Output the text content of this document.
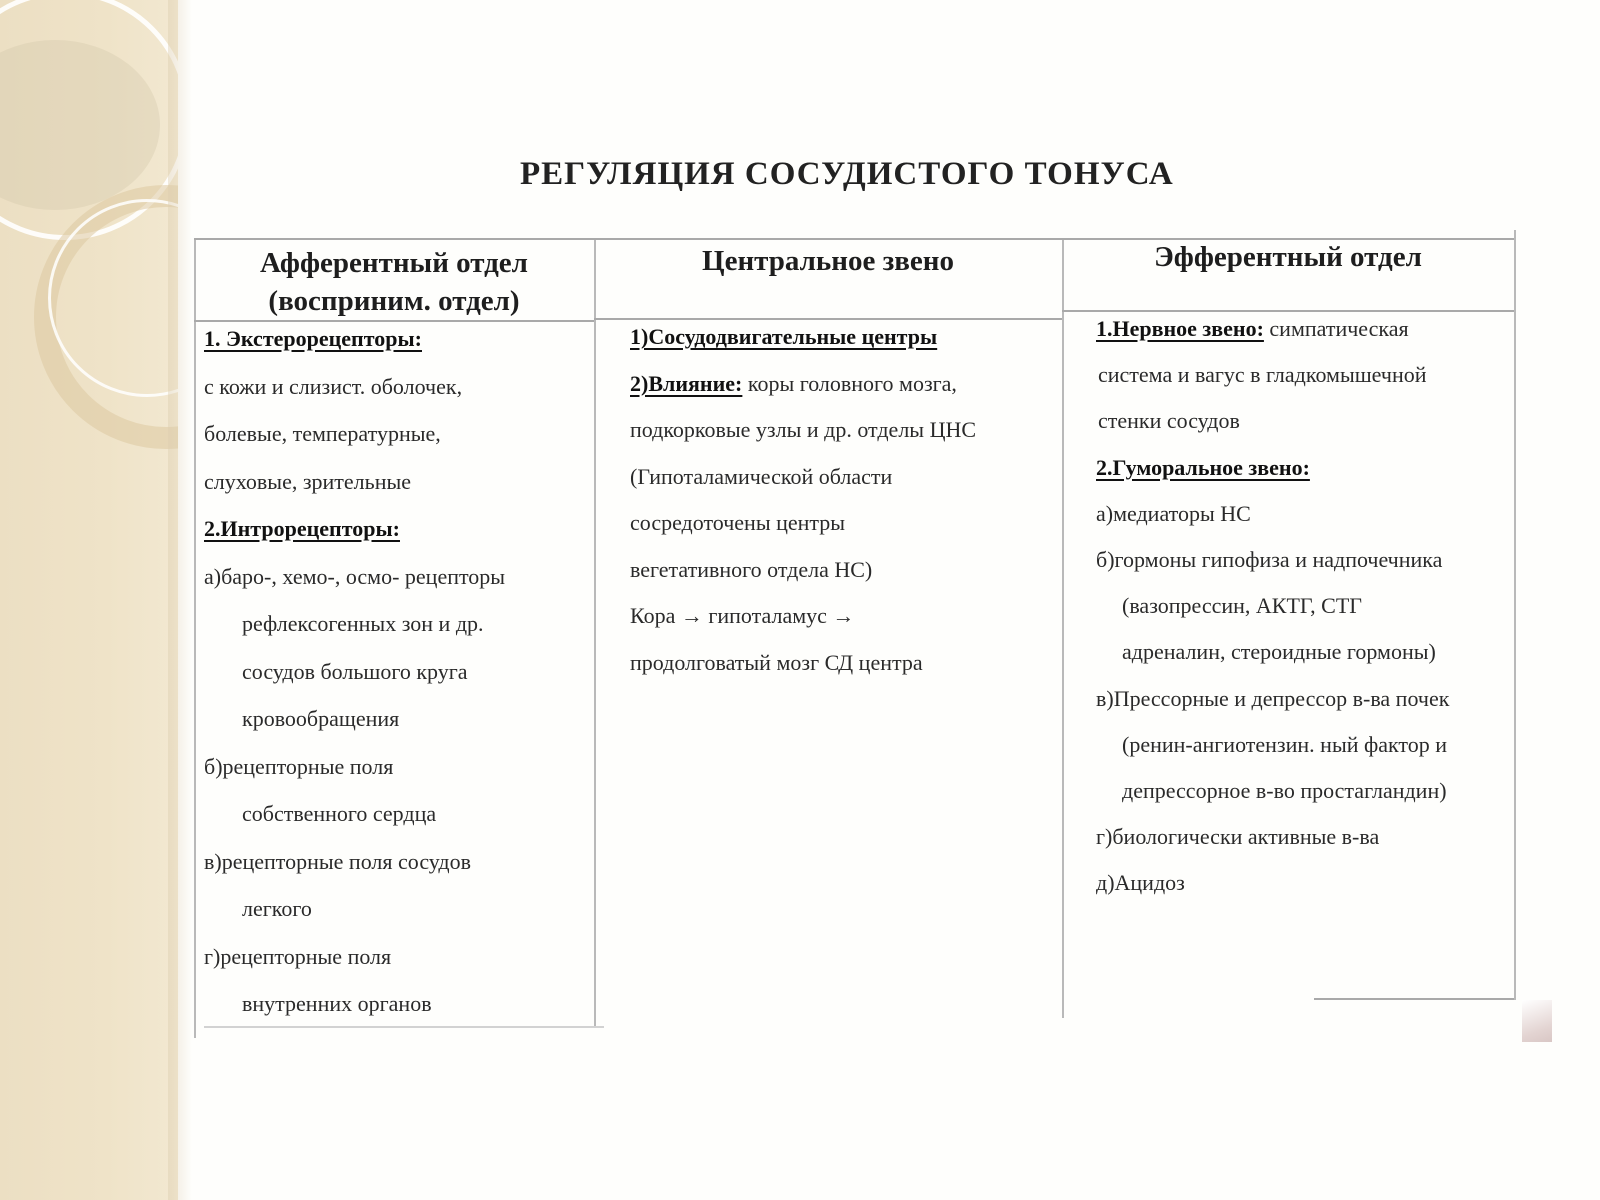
РЕГУЛЯЦИЯ СОСУДИСТОГО ТОНУСА
Афферентный отдел
(восприним. отдел)
Центральное звено	Эфферентный отдел
1. Экстерорецепторы:
с кожи и слизист. оболочек,
болевые, температурные,
слуховые, зрительные
2.Интрорецепторы:
а)баро-, хемо-, осмо- рецепторы
рефлексогенных зон и др.
сосудов большого круга
кровообращения
б)рецепторные поля
собственного сердца
в)рецепторные поля сосудов
легкого
г)рецепторные поля
внутренних органов
1)Сосудодвигательные центры
2)Влияние: коры головного мозга,
подкорковые узлы и др. отделы ЦНС
(Гипоталамической области
сосредоточены центры
вегетативного отдела НС)
Кора → гипоталамус →
продолговатый мозг СД центра
1.Нервное звено: симпатическая
система и вагус в гладкомышечной
стенки сосудов
2.Гуморальное звено:
а)медиаторы НС
б)гормоны гипофиза и надпочечника
(вазопрессин, АКТГ, СТГ
адреналин, стероидные гормоны)
в)Прессорные и депрессор в-ва почек
(ренин-ангиотензин. ный фактор и
депрессорное в-во простагландин)
г)биологически активные в-ва
д)Ацидоз
